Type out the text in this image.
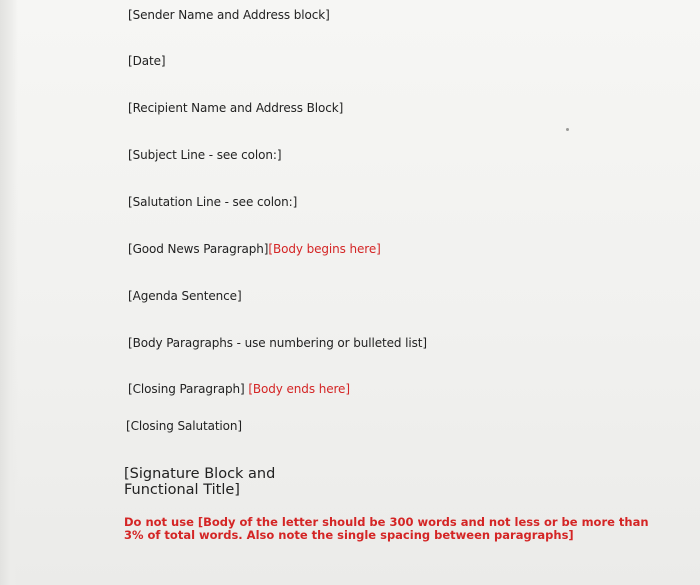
[Sender Name and Address block]
[Date]
[Recipient Name and Address Block]
[Subject Line - see colon:]
[Salutation Line - see colon:]
[Good News Paragraph][Body begins here]
[Agenda Sentence]
[Body Paragraphs - use numbering or bulleted list]
[Closing Paragraph] [Body ends here]
[Closing Salutation]
[Signature Block and
Functional Title]
Do not use [Body of the letter should be 300 words and not less or be more than
3% of total words. Also note the single spacing between paragraphs]
